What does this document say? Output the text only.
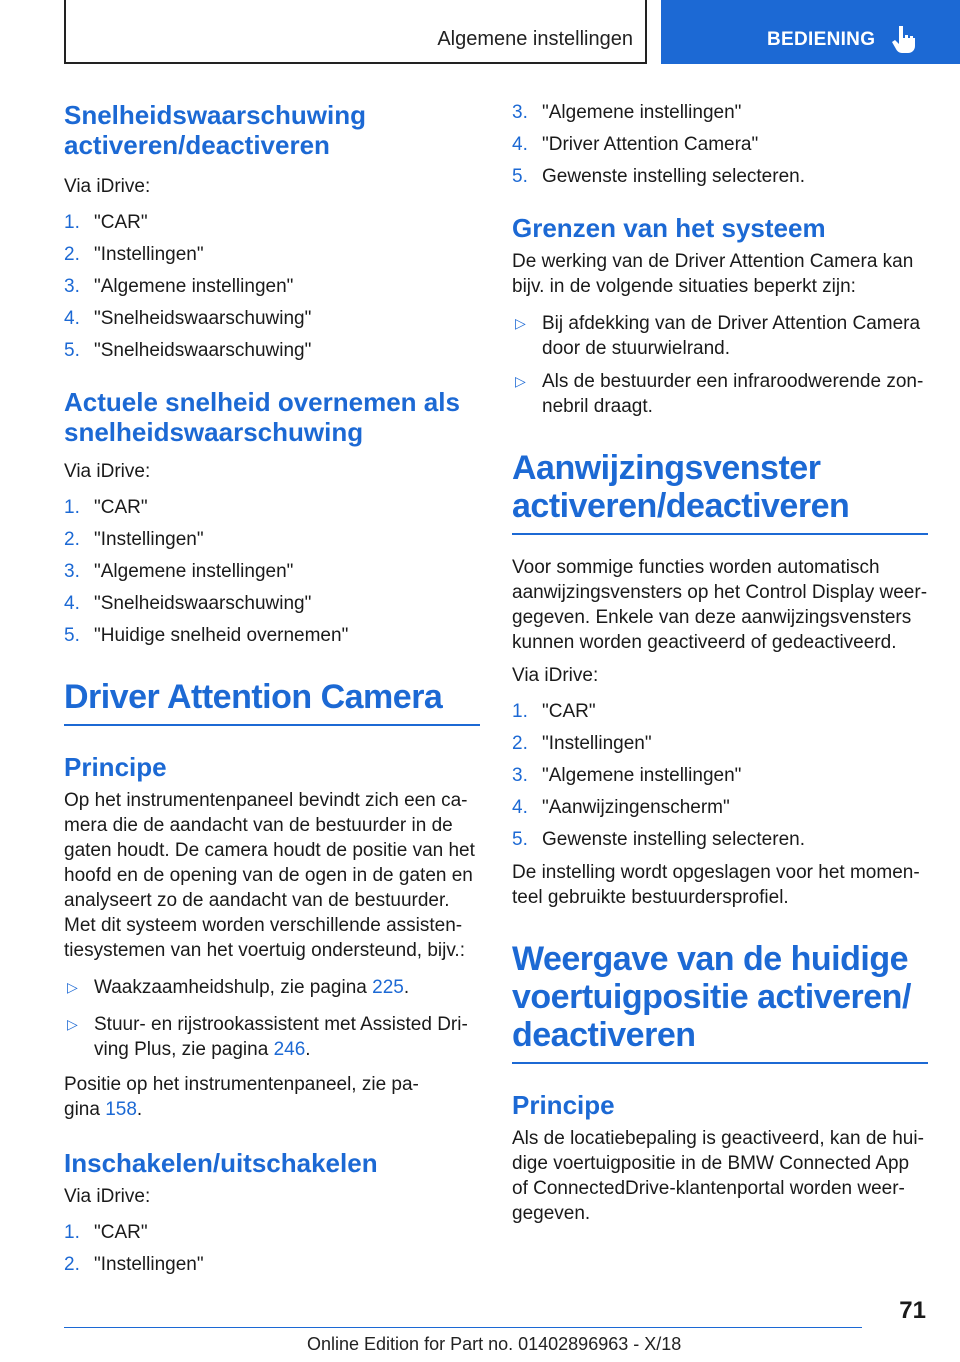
Algemene instellingen	BEDIENING
Snelheidswaarschuwing activeren/deactiveren

Via iDrive:

1. "CAR"
2. "Instellingen"
3. "Algemene instellingen"
4. "Snelheidswaarschuwing"
5. "Snelheidswaarschuwing"
Actuele snelheid overnemen als snelheidswaarschuwing

Via iDrive:

1. "CAR"
2. "Instellingen"
3. "Algemene instellingen"
4. "Snelheidswaarschuwing"
5. "Huidige snelheid overnemen"
Driver Attention Camera
Principe

Op het instrumentenpaneel bevindt zich een ca-mera die de aandacht van de bestuurder in de gaten houdt. De camera houdt de positie van het hoofd en de opening van de ogen in de gaten en analyseert zo de aandacht van de bestuurder. Met dit systeem worden verschillende assisten-tiesystemen van het voertuig ondersteund, bijv.:

▷ Waakzaamheidshulp, zie pagina 225.
▷ Stuur- en rijstrookassistent met Assisted Dri-ving Plus, zie pagina 246.

Positie op het instrumentenpaneel, zie pa-gina 158.

Inschakelen/uitschakelen

Via iDrive:

1. "CAR"
2. "Instellingen"
3. "Algemene instellingen"
4. "Driver Attention Camera"
5. Gewenste instelling selecteren.
Grenzen van het systeem

De werking van de Driver Attention Camera kan bijv. in de volgende situaties beperkt zijn:

▷ Bij afdekking van de Driver Attention Camera door de stuurwielrand.
▷ Als de bestuurder een infraroodwerende zon-nebril draagt.
Aanwijzingsvenster activeren/deactiveren

Voor sommige functies worden automatisch aanwijzingsvensters op het Control Display weer-gegeven. Enkele van deze aanwijzingsvensters kunnen worden geactiveerd of gedeactiveerd.

Via iDrive:

1. "CAR"
2. "Instellingen"
3. "Algemene instellingen"
4. "Aanwijzingenscherm"
5. Gewenste instelling selecteren.

De instelling wordt opgeslagen voor het momen-teel gebruikte bestuurdersprofiel.

Weergave van de huidige voertuigpositie activeren/ deactiveren
Principe

Als de locatiebepaling is geactiveerd, kan de hui-dige voertuigpositie in de BMW Connected App of ConnectedDrive-klantenportal worden weer-gegeven.

71
Online Edition for Part no. 01402896963 - X/18
